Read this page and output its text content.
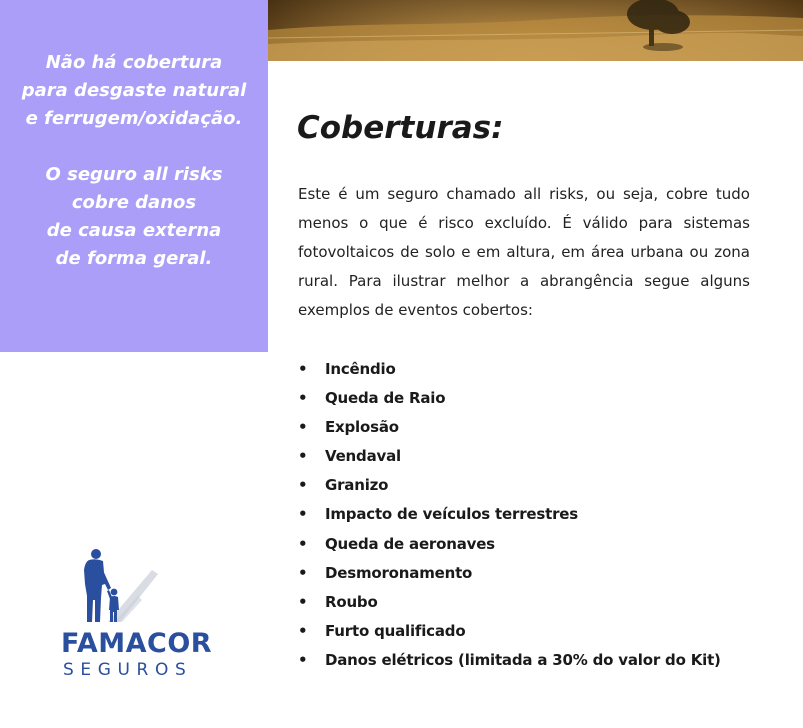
Não há cobertura
para desgaste natural
e ferrugem/oxidação.

O seguro all risks
cobre danos
de causa externa
de forma geral.

Coberturas:

Este é um seguro chamado all risks, ou seja, cobre tudo
menos o que é risco excluído. É válido para sistemas
fotovoltaicos de solo e em altura, em área urbana ou zona
rural. Para ilustrar melhor a abrangência segue alguns
exemplos de eventos cobertos:

• Incêndio
• Queda de Raio
• Explosão
• Vendaval
• Granizo
• Impacto de veículos terrestres
• Queda de aeronaves
• Desmoronamento
• Roubo
• Furto qualificado
• Danos elétricos (limitada a 30% do valor do Kit)
FAMACOR
SEGUROS
